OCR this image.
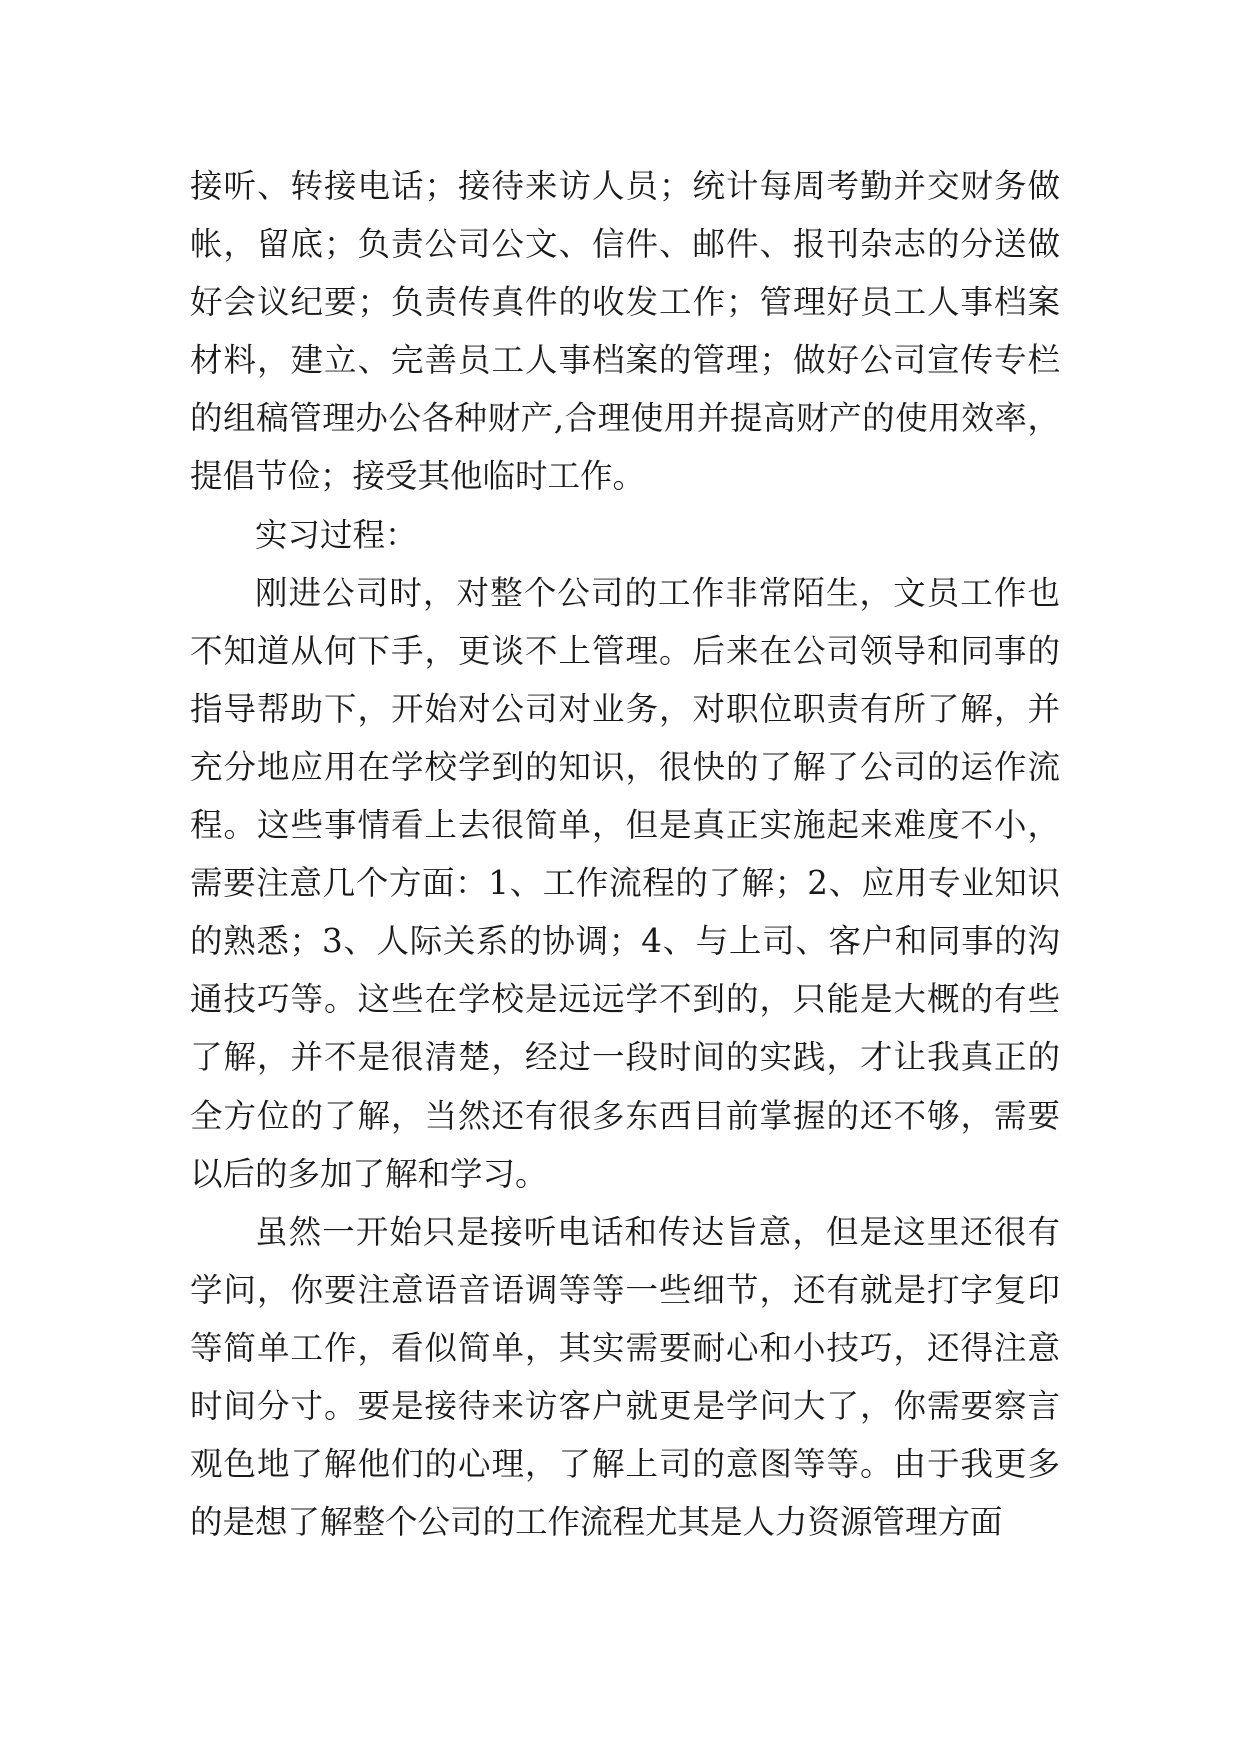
接听、转接电话；接待来访人员；统计每周考勤并交财务做帐，留底；负责公司公文、信件、邮件、报刊杂志的分送做好会议纪要；负责传真件的收发工作；管理好员工人事档案材料，建立、完善员工人事档案的管理；做好公司宣传专栏的组稿管理办公各种财产,合理使用并提高财产的使用效率，提倡节俭；接受其他临时工作。

实习过程：

刚进公司时，对整个公司的工作非常陌生，文员工作也不知道从何下手，更谈不上管理。后来在公司领导和同事的指导帮助下，开始对公司对业务，对职位职责有所了解，并充分地应用在学校学到的知识，很快的了解了公司的运作流程。这些事情看上去很简单，但是真正实施起来难度不小，需要注意几个方面：1、工作流程的了解；2、应用专业知识的熟悉；3、人际关系的协调；4、与上司、客户和同事的沟通技巧等。这些在学校是远远学不到的，只能是大概的有些了解，并不是很清楚，经过一段时间的实践，才让我真正的全方位的了解，当然还有很多东西目前掌握的还不够，需要以后的多加了解和学习。

虽然一开始只是接听电话和传达旨意，但是这里还很有学问，你要注意语音语调等等一些细节，还有就是打字复印等简单工作，看似简单，其实需要耐心和小技巧，还得注意时间分寸。要是接待来访客户就更是学问大了，你需要察言观色地了解他们的心理，了解上司的意图等等。由于我更多的是想了解整个公司的工作流程尤其是人力资源管理方面
